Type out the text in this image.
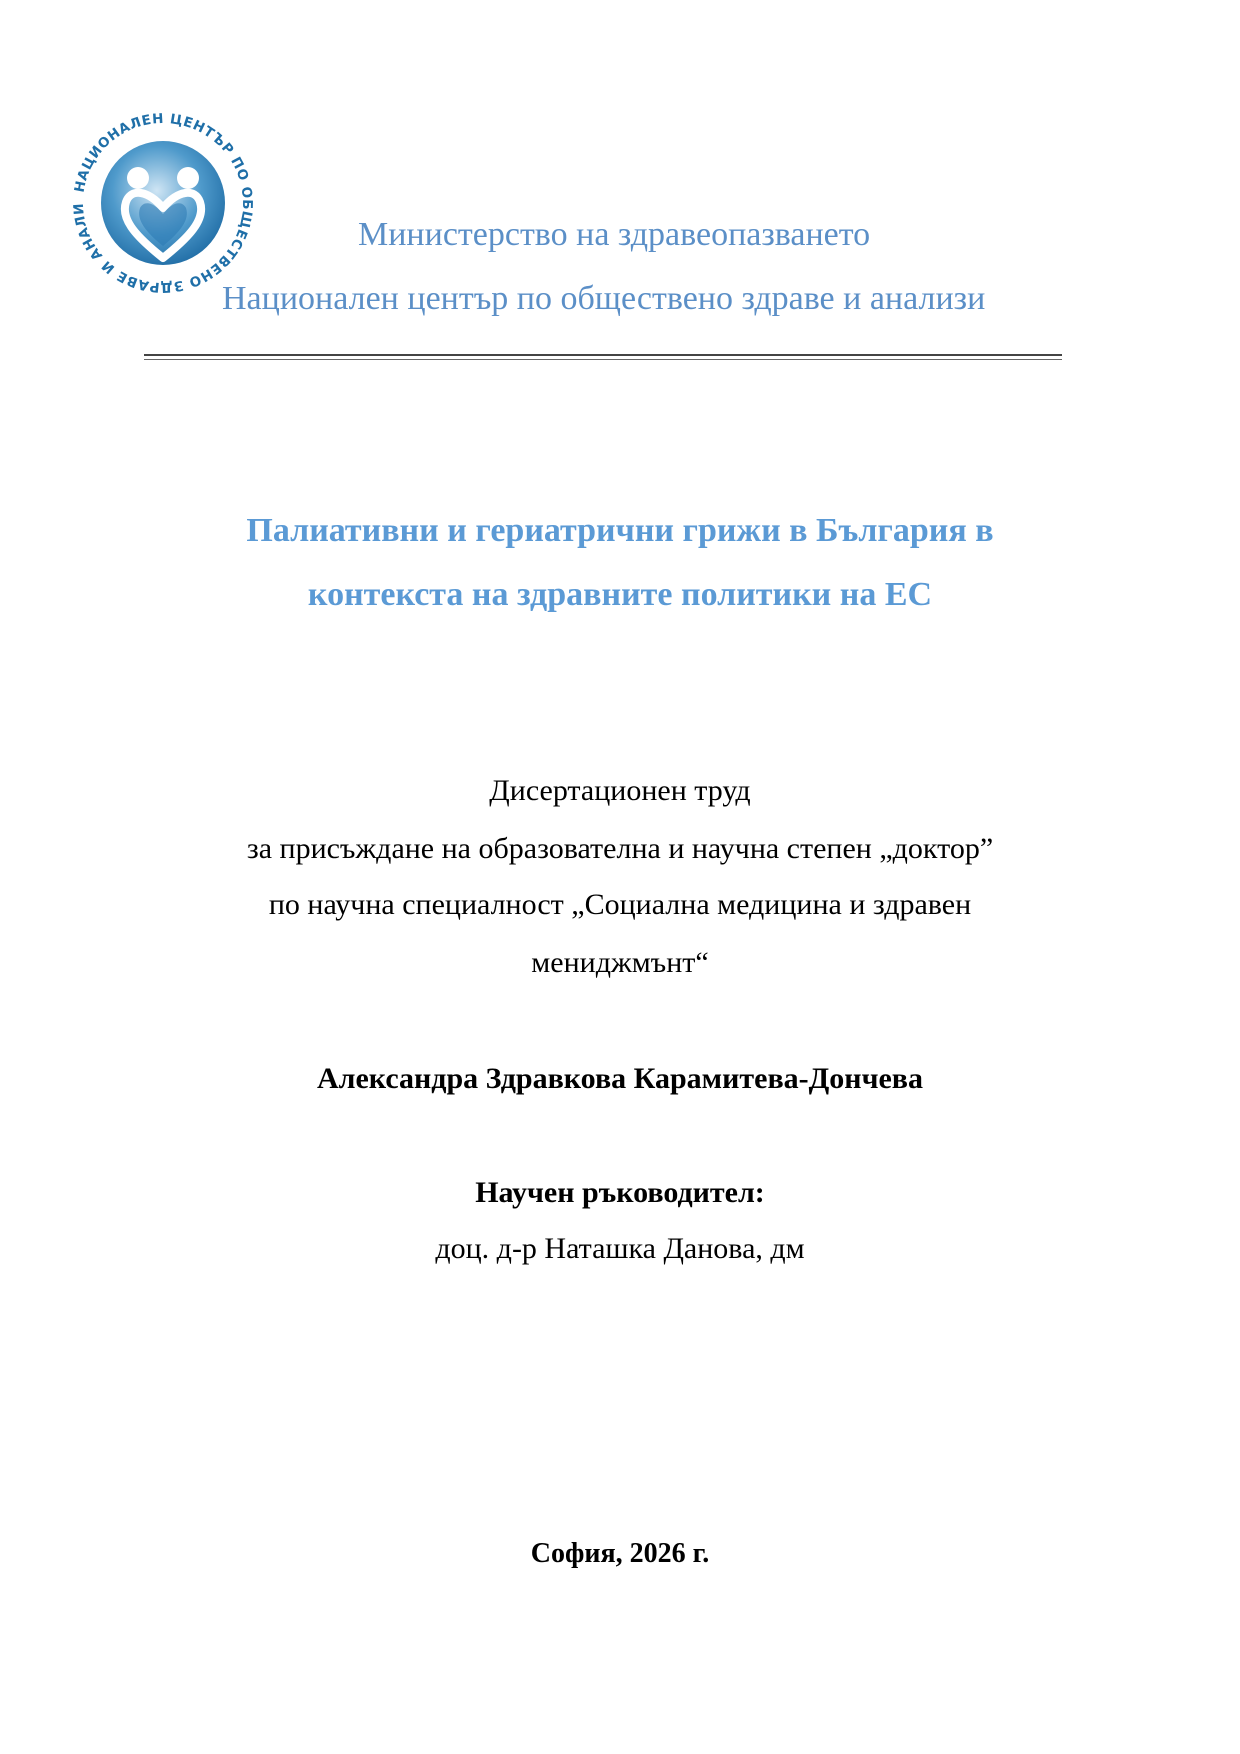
НАЦИОНАЛЕН ЦЕНТЪР ПО ОБЩЕСТВЕНО ЗДРАВЕ И АНАЛИ
Министерство на здравеопазването
Национален център по обществено здраве и анализи
Палиативни и гериатрични грижи в България в
контекста на здравните политики на ЕС
Дисертационен труд
за присъждане на образователна и научна степен „доктор”
по научна специалност „Социална медицина и здравен
мениджмънт“
Александра Здравкова Карамитева-Дончева
Научен ръководител:
доц. д-р Наташка Данова, дм
София, 2026 г.
